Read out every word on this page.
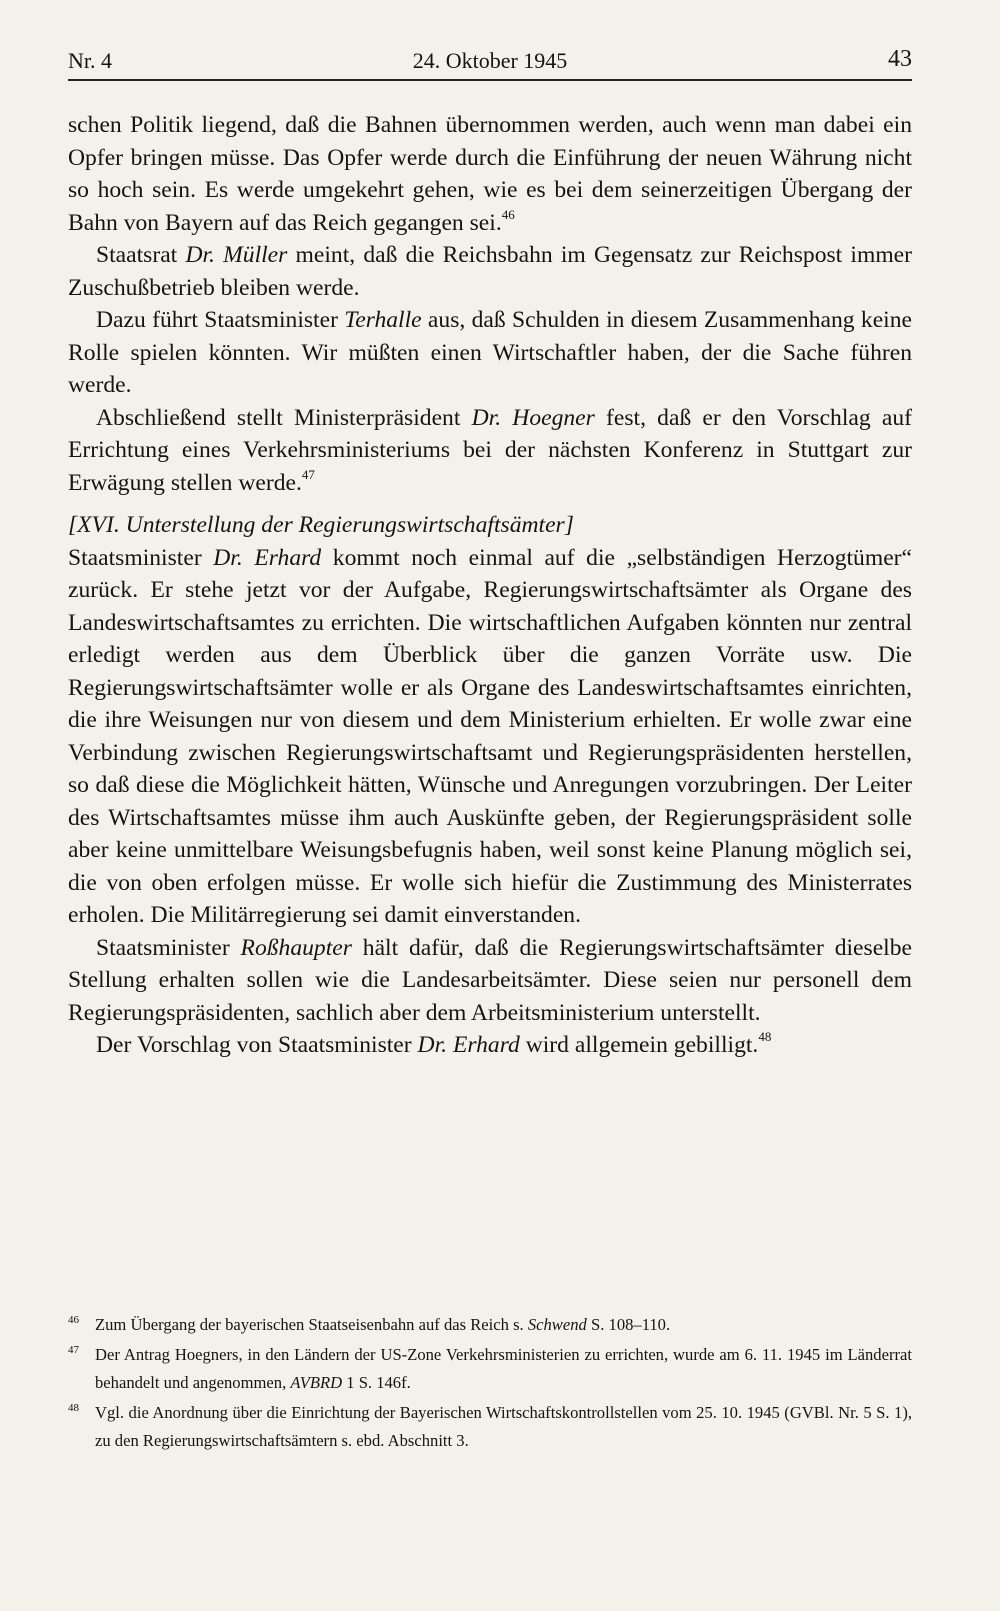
Nr. 4	24. Oktober 1945	43

schen Politik liegend, daß die Bahnen übernommen werden, auch wenn man dabei ein Opfer bringen müsse. Das Opfer werde durch die Einführung der neuen Währung nicht so hoch sein. Es werde umgekehrt gehen, wie es bei dem seinerzeitigen Übergang der Bahn von Bayern auf das Reich gegangen sei.$^{46}$

Staatsrat Dr. Müller meint, daß die Reichsbahn im Gegensatz zur Reichspost immer Zuschußbetrieb bleiben werde.

Dazu führt Staatsminister Terhalle aus, daß Schulden in diesem Zusammenhang keine Rolle spielen könnten. Wir müßten einen Wirtschaftler haben, der die Sache führen werde.

Abschließend stellt Ministerpräsident Dr. Hoegner fest, daß er den Vorschlag auf Errichtung eines Verkehrsministeriums bei der nächsten Konferenz in Stuttgart zur Erwägung stellen werde.$^{47}$

[XVI. Unterstellung der Regierungswirtschaftsämter]

Staatsminister Dr. Erhard kommt noch einmal auf die „selbständigen Herzogtümer“ zurück. Er stehe jetzt vor der Aufgabe, Regierungswirtschaftsämter als Organe des Landeswirtschaftsamtes zu errichten. Die wirtschaftlichen Aufgaben könnten nur zentral erledigt werden aus dem Überblick über die ganzen Vorräte usw. Die Regierungswirtschaftsämter wolle er als Organe des Landeswirtschaftsamtes einrichten, die ihre Weisungen nur von diesem und dem Ministerium erhielten. Er wolle zwar eine Verbindung zwischen Regierungswirtschaftsamt und Regierungspräsidenten herstellen, so daß diese die Möglichkeit hätten, Wünsche und Anregungen vorzubringen. Der Leiter des Wirtschaftsamtes müsse ihm auch Auskünfte geben, der Regierungspräsident solle aber keine unmittelbare Weisungsbefugnis haben, weil sonst keine Planung möglich sei, die von oben erfolgen müsse. Er wolle sich hiefür die Zustimmung des Ministerrates erholen. Die Militärregierung sei damit einverstanden.

Staatsminister Roßhaupter hält dafür, daß die Regierungswirtschaftsämter dieselbe Stellung erhalten sollen wie die Landesarbeitsämter. Diese seien nur personell dem Regierungspräsidenten, sachlich aber dem Arbeitsministerium unterstellt.

Der Vorschlag von Staatsminister Dr. Erhard wird allgemein gebilligt.$^{48}$

46 Zum Übergang der bayerischen Staatseisenbahn auf das Reich s. Schwend S. 108–110.

47 Der Antrag Hoegners, in den Ländern der US-Zone Verkehrsministerien zu errichten, wurde am 6. 11. 1945 im Länderrat behandelt und angenommen, AVBRD 1 S. 146f.

48 Vgl. die Anordnung über die Einrichtung der Bayerischen Wirtschaftskontrollstellen vom 25. 10. 1945 (GVBl. Nr. 5 S. 1), zu den Regierungswirtschaftsämtern s. ebd. Abschnitt 3.
